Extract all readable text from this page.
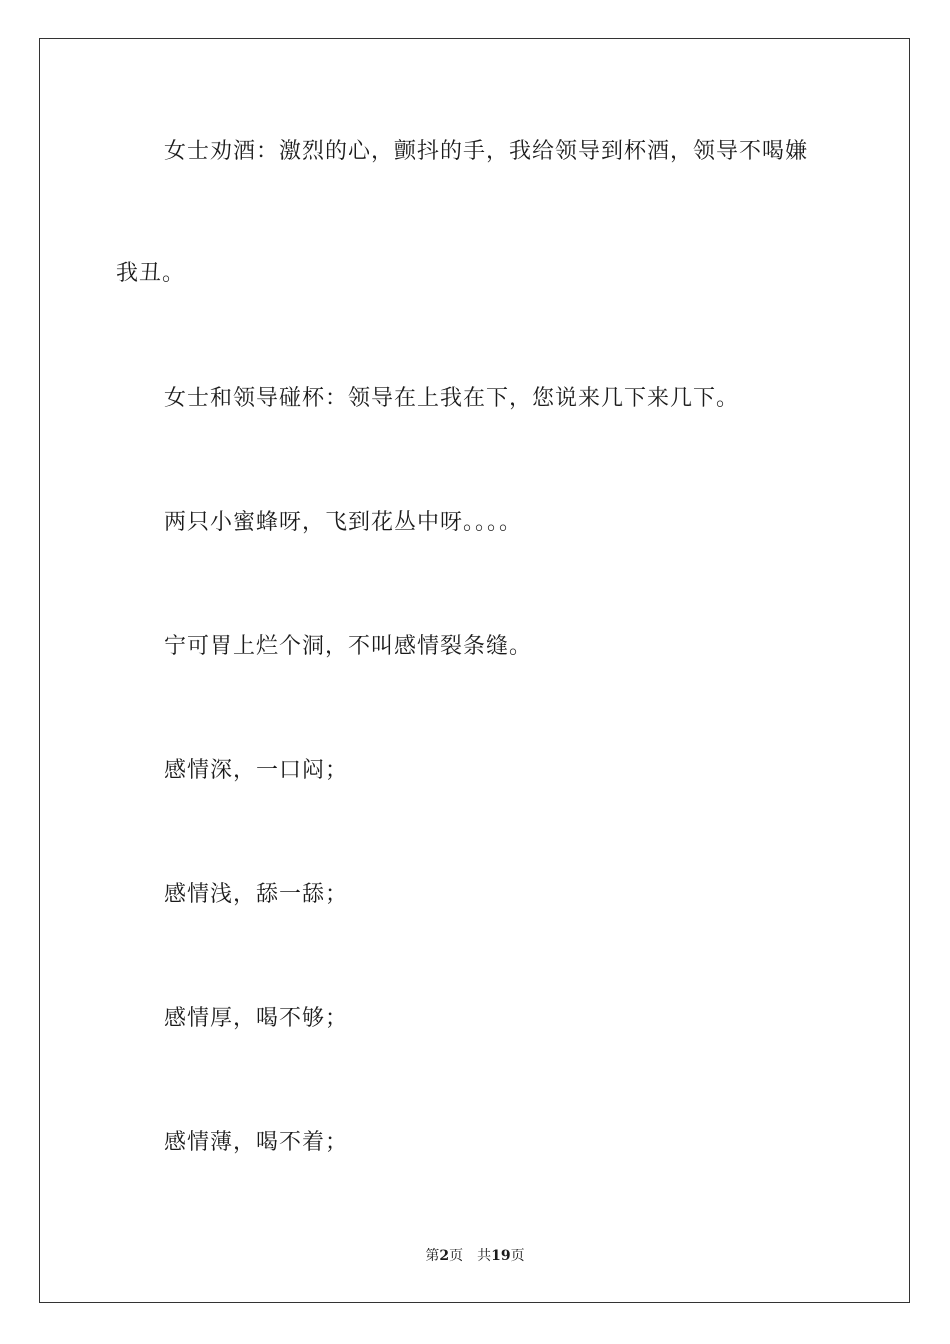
女士劝酒：激烈的心，颤抖的手，我给领导到杯酒，领导不喝嫌
我丑。
女士和领导碰杯：领导在上我在下，您说来几下来几下。
两只小蜜蜂呀，飞到花丛中呀。。。。
宁可胃上烂个洞，不叫感情裂条缝。
感情深，一口闷；
感情浅，舔一舔；
感情厚，喝不够；
感情薄，喝不着；
第2页 共19页
